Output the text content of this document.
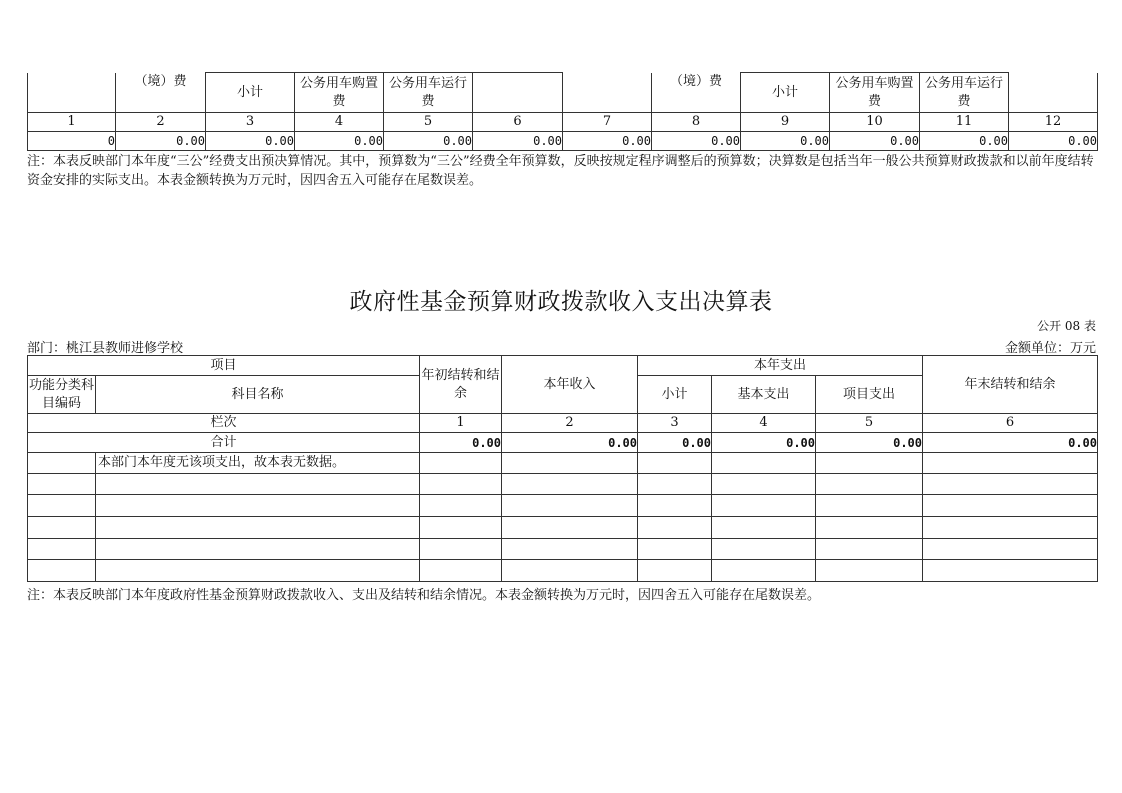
	（境）费	小计	公务用车购置费	公务用车运行费			（境）费	小计	公务用车购置费	公务用车运行费	
1	2	3	4	5	6	7	8	9	10	11	12
0	0.00	0.00	0.00	0.00	0.00	0.00	0.00	0.00	0.00	0.00	0.00
注：本表反映部门本年度“三公”经费支出预决算情况。其中，预算数为“三公”经费全年预算数，反映按规定程序调整后的预算数；决算数是包括当年一般公共预算财政拨款和以前年度结转资金安排的实际支出。本表金额转换为万元时，因四舍五入可能存在尾数误差。
政府性基金预算财政拨款收入支出决算表
公开 08 表
部门：桃江县教师进修学校	金额单位：万元
项目		年初结转和结余	本年收入	本年支出			年末结转和结余
功能分类科目编码	科目名称			小计	基本支出	项目支出	
栏次		1	2	3	4	5	6
合计		0.00	0.00	0.00	0.00	0.00	0.00
	本部门本年度无该项支出，故本表无数据。						

注：本表反映部门本年度政府性基金预算财政拨款收入、支出及结转和结余情况。本表金额转换为万元时，因四舍五入可能存在尾数误差。
